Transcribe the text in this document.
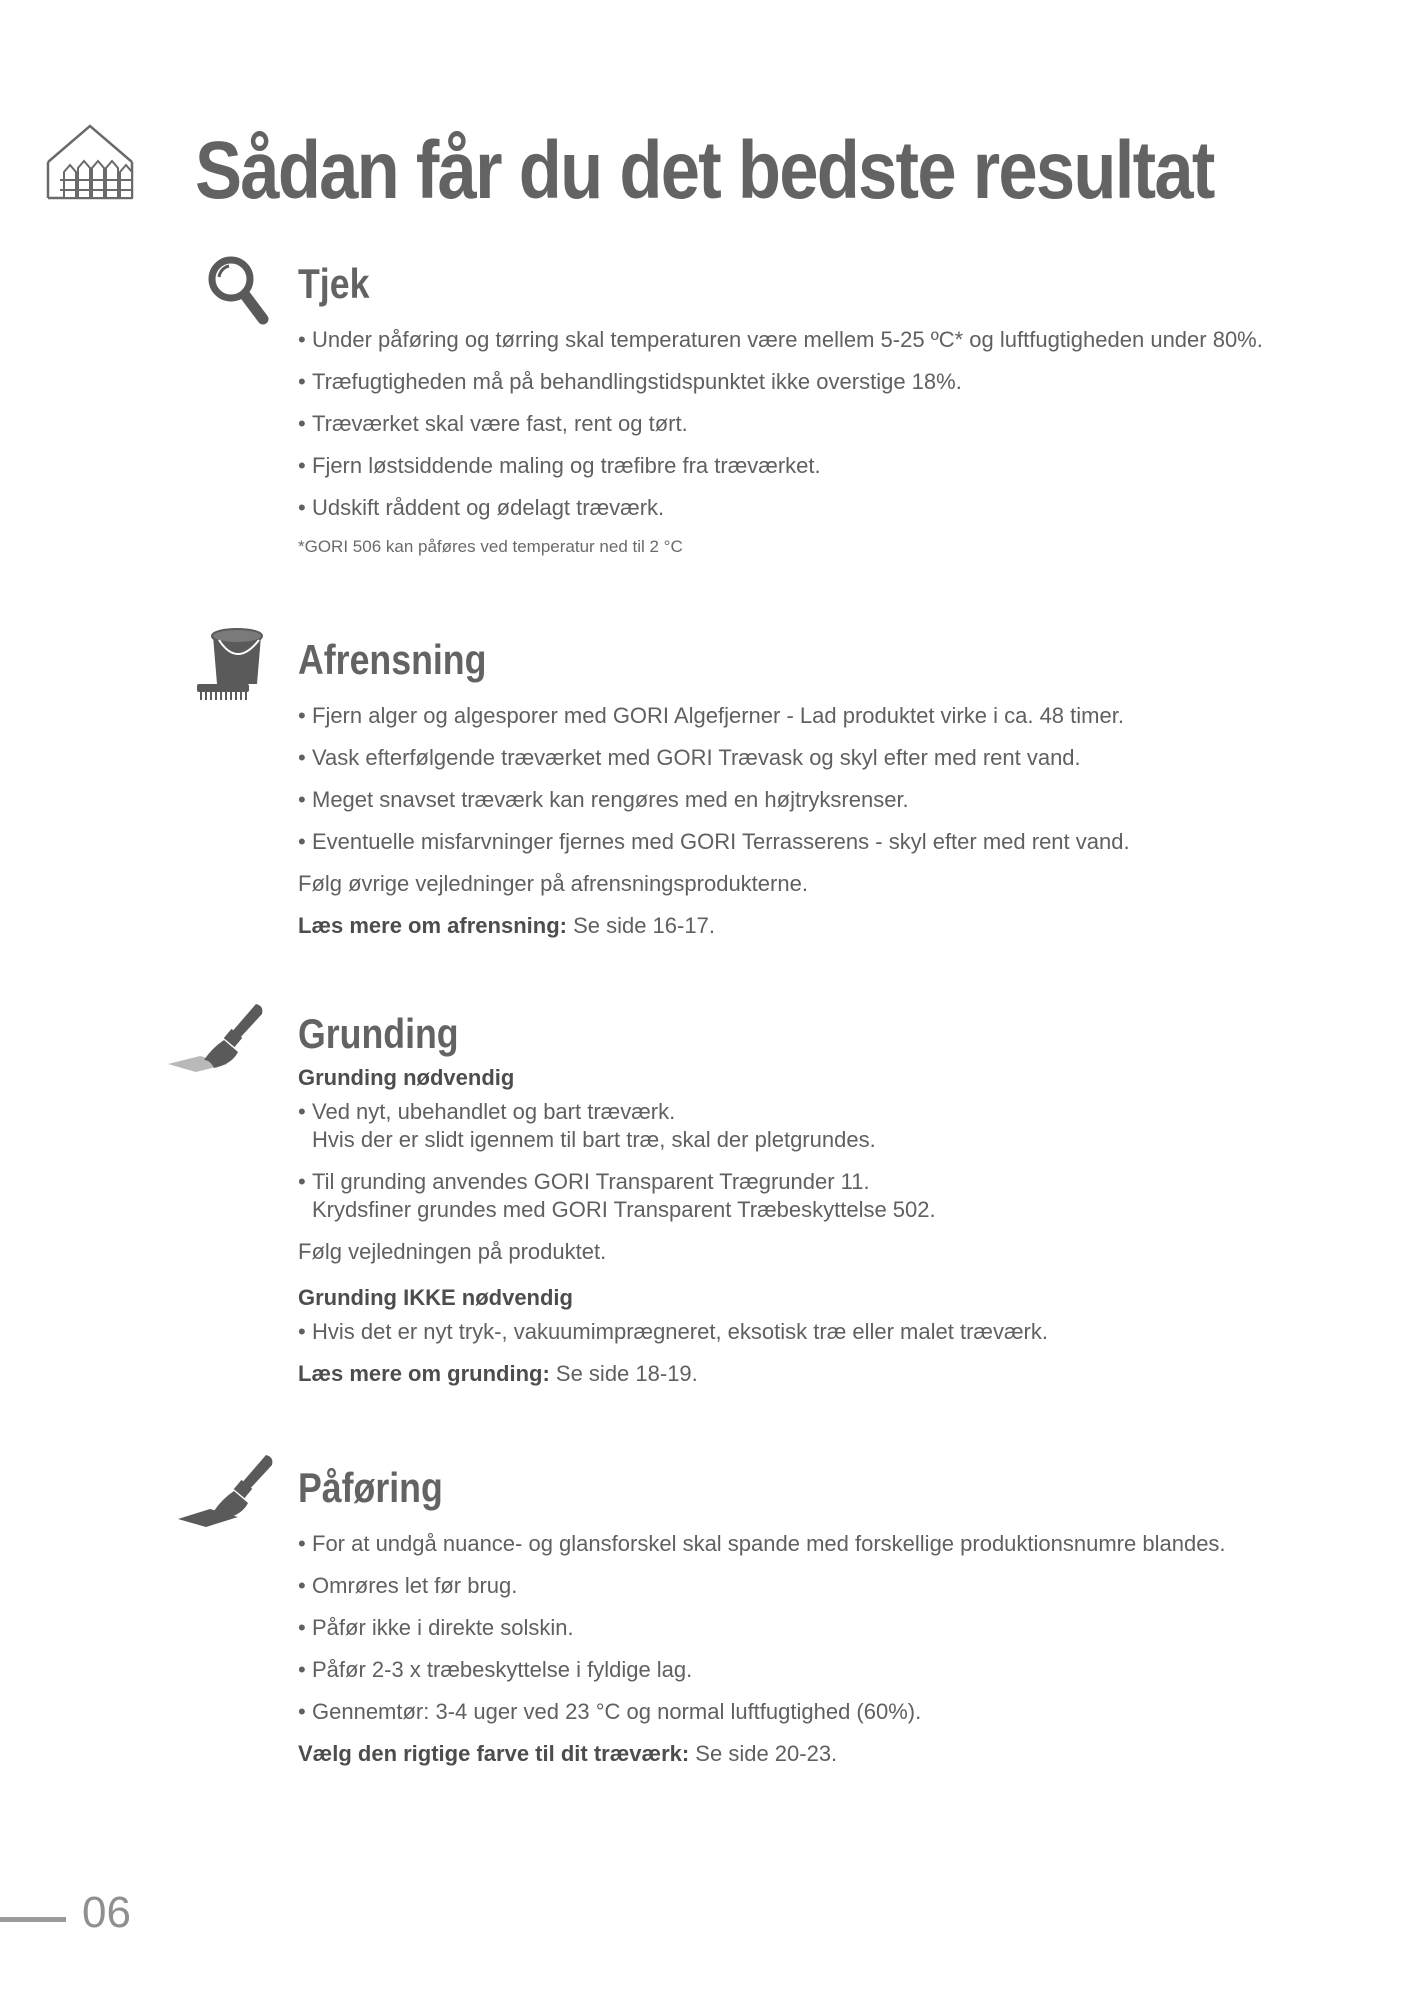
Sådan får du det bedste resultat
Tjek
• Under påføring og tørring skal temperaturen være mellem 5-25 ºC* og luftfugtigheden under 80%.
• Træfugtigheden må på behandlingstidspunktet ikke overstige 18%.
• Træværket skal være fast, rent og tørt.
• Fjern løstsiddende maling og træfibre fra træværket.
• Udskift råddent og ødelagt træværk.

*GORI 506 kan påføres ved temperatur ned til 2 °C

Afrensning
• Fjern alger og algesporer med GORI Algefjerner - Lad produktet virke i ca. 48 timer.
• Vask efterfølgende træværket med GORI Trævask og skyl efter med rent vand.
• Meget snavset træværk kan rengøres med en højtryksrenser.
• Eventuelle misfarvninger fjernes med GORI Terrasserens - skyl efter med rent vand.

Følg øvrige vejledninger på afrensningsprodukterne.

Læs mere om afrensning: Se side 16-17.

Grunding

Grunding nødvendig

• Ved nyt, ubehandlet og bart træværk.
Hvis der er slidt igennem til bart træ, skal der pletgrundes.
• Til grunding anvendes GORI Transparent Trægrunder 11.
Krydsfiner grundes med GORI Transparent Træbeskyttelse 502.

Følg vejledningen på produktet.

Grunding IKKE nødvendig

• Hvis det er nyt tryk-, vakuumimprægneret, eksotisk træ eller malet træværk.

Læs mere om grunding: Se side 18-19.

Påføring
• For at undgå nuance- og glansforskel skal spande med forskellige produktionsnumre blandes.
• Omrøres let før brug.
• Påfør ikke i direkte solskin.
• Påfør 2-3 x træbeskyttelse i fyldige lag.
• Gennemtør: 3-4 uger ved 23 °C og normal luftfugtighed (60%).

Vælg den rigtige farve til dit træværk: Se side 20-23.

06
